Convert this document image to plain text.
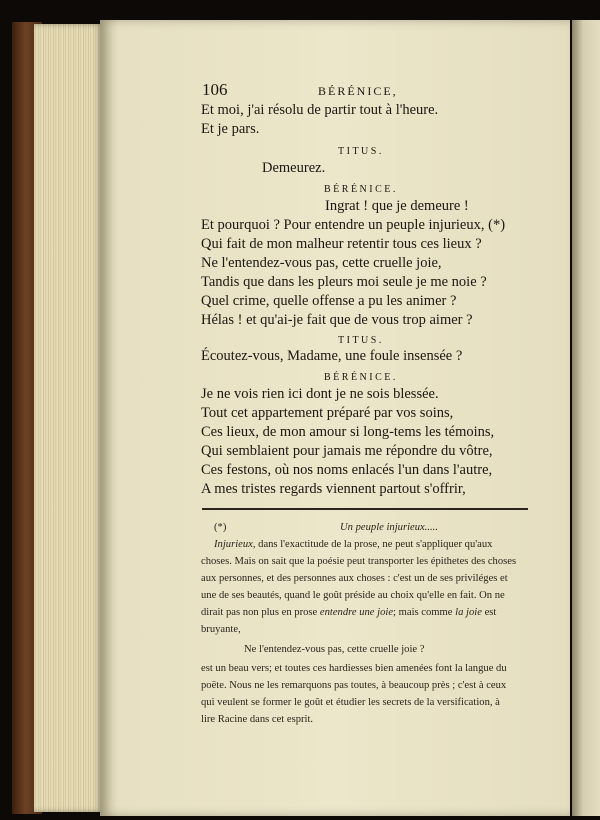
106	BÉRÉNICE,

Et moi, j'ai résolu de partir tout à l'heure.

Et je pars.

TITUS.

Demeurez.

BÉRÉNICE.

Ingrat ! que je demeure !

Et pourquoi ? Pour entendre un peuple injurieux, (*)

Qui fait de mon malheur retentir tous ces lieux ?

Ne l'entendez-vous pas, cette cruelle joie,

Tandis que dans les pleurs moi seule je me noie ?

Quel crime, quelle offense a pu les animer ?

Hélas ! et qu'ai-je fait que de vous trop aimer ?

TITUS.

Écoutez-vous, Madame, une foule insensée ?

BÉRÉNICE.

Je ne vois rien ici dont je ne sois blessée.

Tout cet appartement préparé par vos soins,

Ces lieux, de mon amour si long-tems les témoins,

Qui semblaient pour jamais me répondre du vôtre,

Ces festons, où nos noms enlacés l'un dans l'autre,

A mes tristes regards viennent partout s'offrir,

(*)	Un peuple injurieux.....

Injurieux, dans l'exactitude de la prose, ne peut s'appliquer qu'aux

choses. Mais on sait que la poésie peut transporter les épithetes des choses

aux personnes, et des personnes aux choses : c'est un de ses priviléges et

une de ses beautés, quand le goût préside au choix qu'elle en fait. On ne

dirait pas non plus en prose entendre une joie; mais comme la joie est

bruyante,

Ne l'entendez-vous pas, cette cruelle joie ?

est un beau vers; et toutes ces hardiesses bien amenées font la langue du

poëte. Nous ne les remarquons pas toutes, à beaucoup près ; c'est à ceux

qui veulent se former le goût et étudier les secrets de la versification, à

lire Racine dans cet esprit.
